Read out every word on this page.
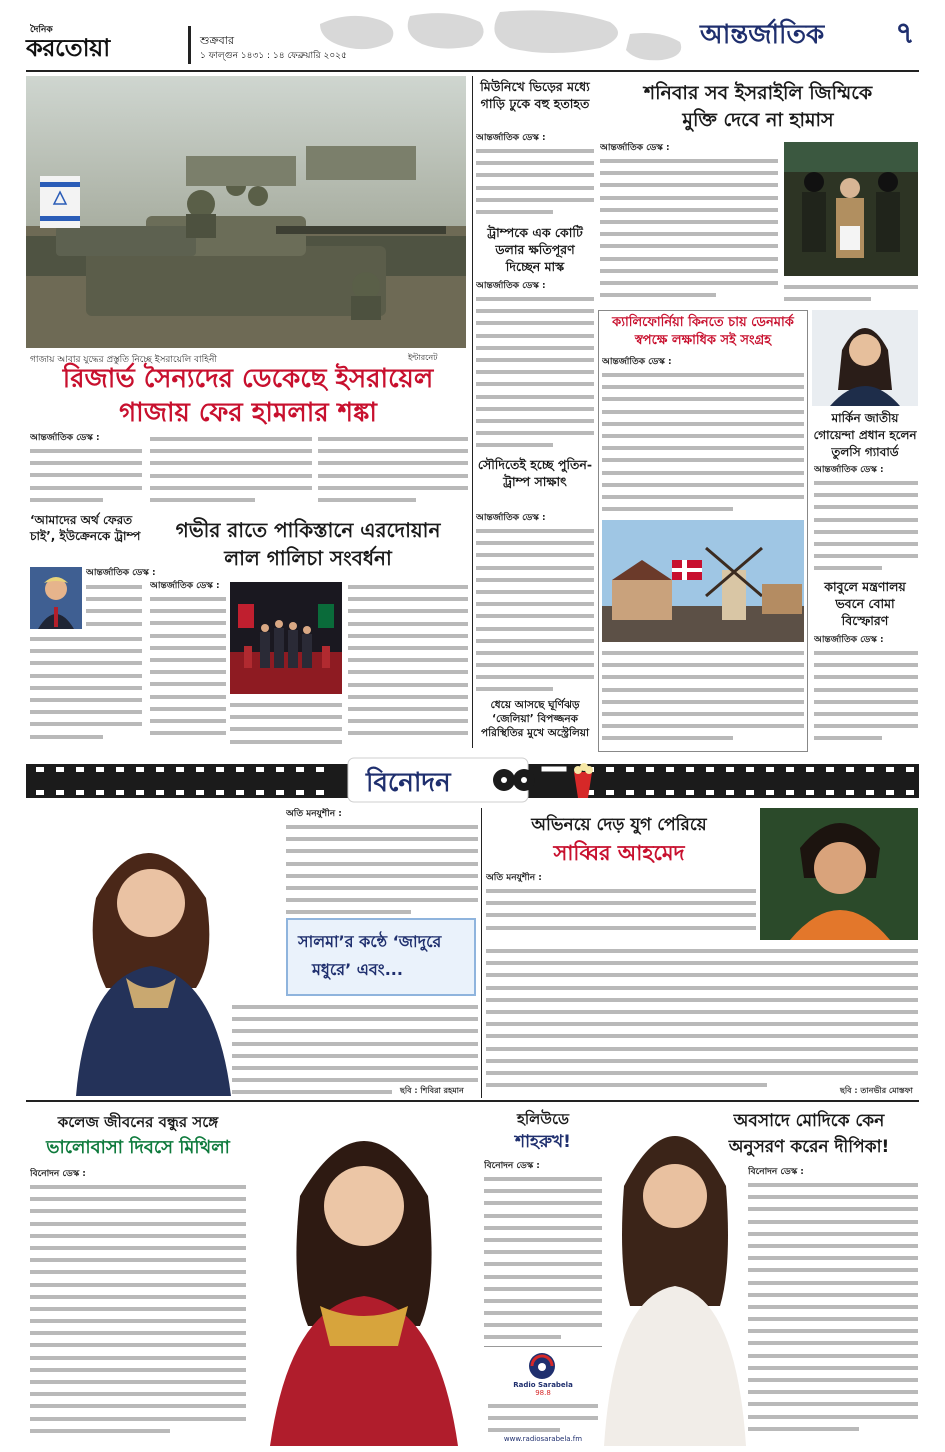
দৈনিক
করতোয়া	শুক্রবার
১ ফাল্গুন ১৪৩১ : ১৪ ফেব্রুয়ারি ২০২৫
আন্তর্জাতিক	৭
গাজায় আবার যুদ্ধের প্রস্তুতি নিচ্ছে ইসরায়েলি বাহিনী	ইন্টারনেট
রিজার্ভ সৈন্যদের ডেকেছে ইসরায়েল
গাজায় ফের হামলার শঙ্কা
আন্তর্জাতিক ডেস্ক :
‘আমাদের অর্থ ফেরত চাই’, ইউক্রেনকে ট্রাম্প
আন্তর্জাতিক ডেস্ক :
গভীর রাতে পাকিস্তানে এরদোয়ান
লাল গালিচা সংবর্ধনা
আন্তর্জাতিক ডেস্ক :
মিউনিখে ভিড়ের মধ্যে গাড়ি ঢুকে বহু হতাহত
আন্তর্জাতিক ডেস্ক :
ট্রাম্পকে এক কোটি ডলার ক্ষতিপূরণ দিচ্ছেন মাস্ক
আন্তর্জাতিক ডেস্ক :
সৌদিতেই হচ্ছে পুতিন-ট্রাম্প সাক্ষাৎ
আন্তর্জাতিক ডেস্ক :
ধেয়ে আসছে ঘূর্ণিঝড় ‘জেলিয়া’ বিপজ্জনক পরিস্থিতির মুখে অস্ট্রেলিয়া
শনিবার সব ইসরাইলি জিম্মিকে
মুক্তি দেবে না হামাস
আন্তর্জাতিক ডেস্ক :
ক্যালিফোর্নিয়া কিনতে চায় ডেনমার্ক
স্বপক্ষে লক্ষাধিক সই সংগ্রহ
আন্তর্জাতিক ডেস্ক :
মার্কিন জাতীয় গোয়েন্দা প্রধান হলেন তুলসি গ্যাবার্ড
আন্তর্জাতিক ডেস্ক :
কাবুলে মন্ত্রণালয় ভবনে বোমা বিস্ফোরণ
আন্তর্জাতিক ডেস্ক :
বিনোদন
অতি মনযুশীন :
সালমা’র কন্ঠে ‘জাদুরে
মধুরে’ এবং...
ছবি : শিবিরা রহমান
অভিনয়ে দেড় যুগ পেরিয়ে
সাব্বির আহমেদ
অতি মনযুশীন :
ছবি : তানভীর মোস্তফা
কলেজ জীবনের বন্ধুর সঙ্গে
ভালোবাসা দিবসে মিথিলা
বিনোদন ডেস্ক :
হলিউডে
শাহরুখ!
বিনোদন ডেস্ক :
Radio Sarabela
98.8
www.radiosarabela.fm
অবসাদে মোদিকে কেন
অনুসরণ করেন দীপিকা!
বিনোদন ডেস্ক :
